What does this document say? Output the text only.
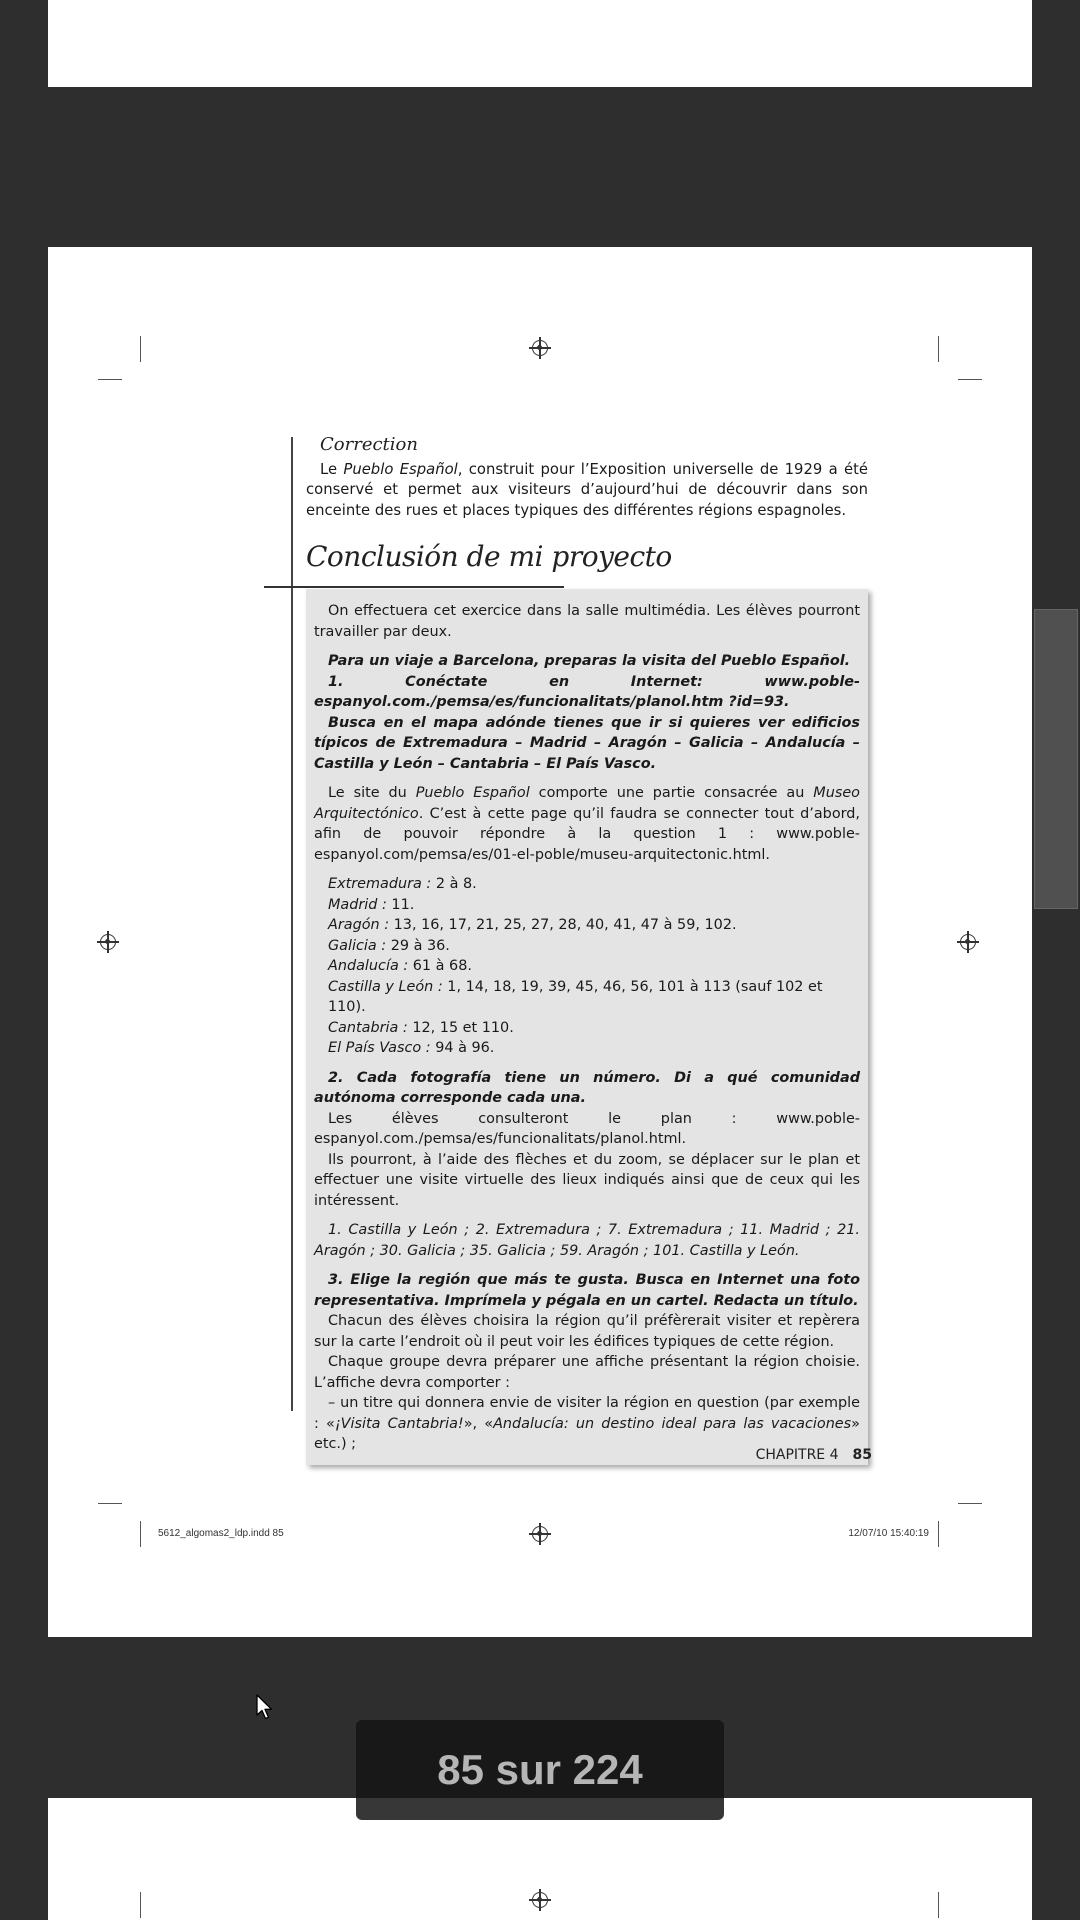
Correction

Le Pueblo Español, construit pour l’Exposition universelle de 1929 a été conservé et permet aux visiteurs d’aujourd’hui de découvrir dans son enceinte des rues et places typiques des différentes régions espagnoles.

Conclusión de mi proyecto

On effectuera cet exercice dans la salle multimédia. Les élèves pourront travailler par deux.

Para un viaje a Barcelona, preparas la visita del Pueblo Español.

1. Conéctate en Internet: www.poble-espanyol.com./pemsa/es/funcionalitats/planol.htm ?id=93.

Busca en el mapa adónde tienes que ir si quieres ver edificios típicos de Extremadura – Madrid – Aragón – Galicia – Andalucía – Castilla y León – Cantabria – El País Vasco.

Le site du Pueblo Español comporte une partie consacrée au Museo Arquitectónico. C’est à cette page qu’il faudra se connecter tout d’abord, afin de pouvoir répondre à la question 1 : www.poble-espanyol.com/pemsa/es/01-el-poble/museu-arquitectonic.html.

Extremadura : 2 à 8.

Madrid : 11.

Aragón : 13, 16, 17, 21, 25, 27, 28, 40, 41, 47 à 59, 102.

Galicia : 29 à 36.

Andalucía : 61 à 68.

Castilla y León : 1, 14, 18, 19, 39, 45, 46, 56, 101 à 113 (sauf 102 et 110).

Cantabria : 12, 15 et 110.

El País Vasco : 94 à 96.

2. Cada fotografía tiene un número. Di a qué comunidad autónoma corresponde cada una.

Les élèves consulteront le plan : www.poble-espanyol.com./pemsa/es/funcionalitats/planol.html.

Ils pourront, à l’aide des flèches et du zoom, se déplacer sur le plan et effectuer une visite virtuelle des lieux indiqués ainsi que de ceux qui les intéressent.

1. Castilla y León ; 2. Extremadura ; 7. Extremadura ; 11. Madrid ; 21. Aragón ; 30. Galicia ; 35. Galicia ; 59. Aragón ; 101. Castilla y León.

3. Elige la región que más te gusta. Busca en Internet una foto representativa. Imprímela y pégala en un cartel. Redacta un título.

Chacun des élèves choisira la région qu’il préfèrerait visiter et repèrera sur la carte l’endroit où il peut voir les édifices typiques de cette région.

Chaque groupe devra préparer une affiche présentant la région choisie. L’affiche devra comporter :

– un titre qui donnera envie de visiter la région en question (par exemple : «¡Visita Cantabria!», «Andalucía: un destino ideal para las vacaciones» etc.) ;

CHAPITRE 4 85
5612_algomas2_ldp.indd 85	12/07/10 15:40:19
85 sur 224
